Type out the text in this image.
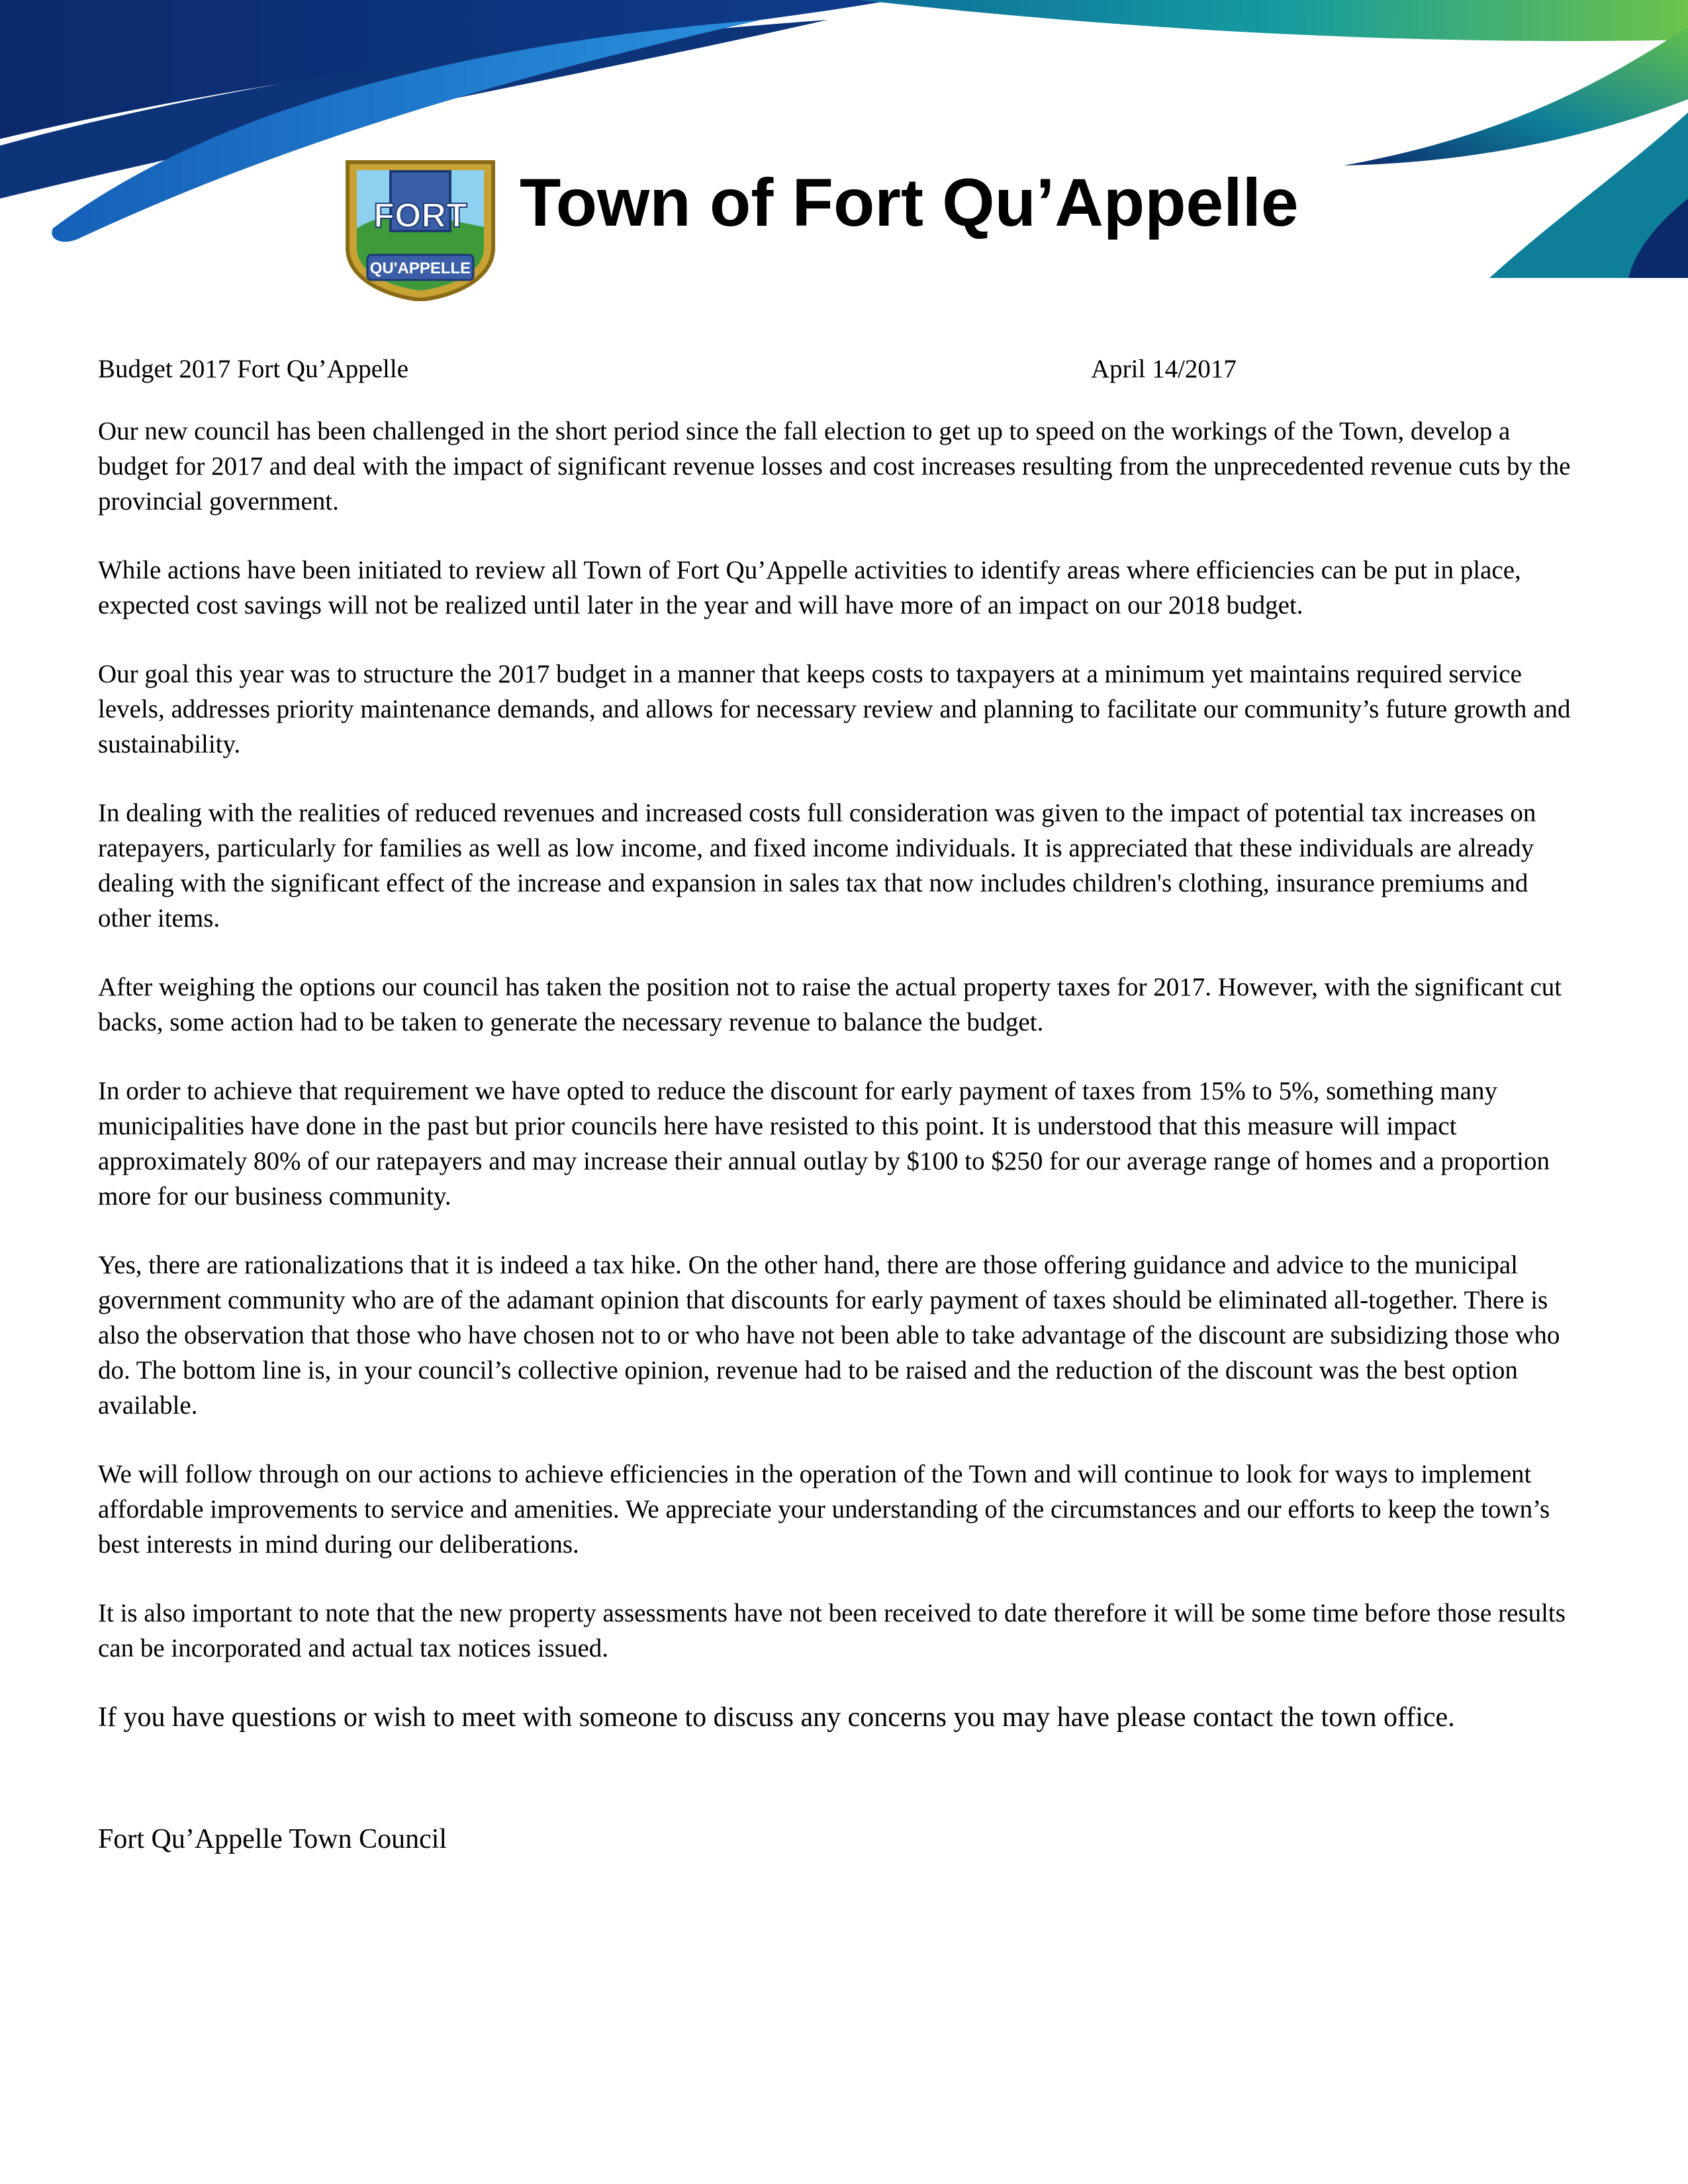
FORT
QU'APPELLE
Town of Fort Qu’Appelle
Budget 2017 Fort Qu’Appelle	April 14/2017

Our new council has been challenged in the short period since the fall election to get up to speed on the workings of the Town, develop a budget for 2017 and deal with the impact of significant revenue losses and cost increases resulting from the unprecedented revenue cuts by the provincial government.

While actions have been initiated to review all Town of Fort Qu’Appelle activities to identify areas where efficiencies can be put in place, expected cost savings will not be realized until later in the year and will have more of an impact on our 2018 budget.

Our goal this year was to structure the 2017 budget in a manner that keeps costs to taxpayers at a minimum yet maintains required service levels, addresses priority maintenance demands, and allows for necessary review and planning to facilitate our community’s future growth and sustainability.

In dealing with the realities of reduced revenues and increased costs full consideration was given to the impact of potential tax increases on ratepayers, particularly for families as well as low income, and fixed income individuals. It is appreciated that these individuals are already dealing with the significant effect of the increase and expansion in sales tax that now includes children's clothing, insurance premiums and other items.

After weighing the options our council has taken the position not to raise the actual property taxes for 2017. However, with the significant cut backs, some action had to be taken to generate the necessary revenue to balance the budget.

In order to achieve that requirement we have opted to reduce the discount for early payment of taxes from 15% to 5%, something many municipalities have done in the past but prior councils here have resisted to this point. It is understood that this measure will impact approximately 80% of our ratepayers and may increase their annual outlay by $100 to $250 for our average range of homes and a proportion more for our business community.

Yes, there are rationalizations that it is indeed a tax hike. On the other hand, there are those offering guidance and advice to the municipal government community who are of the adamant opinion that discounts for early payment of taxes should be eliminated all-together. There is also the observation that those who have chosen not to or who have not been able to take advantage of the discount are subsidizing those who do. The bottom line is, in your council’s collective opinion, revenue had to be raised and the reduction of the discount was the best option available.

We will follow through on our actions to achieve efficiencies in the operation of the Town and will continue to look for ways to implement affordable improvements to service and amenities. We appreciate your understanding of the circumstances and our efforts to keep the town’s best interests in mind during our deliberations.

It is also important to note that the new property assessments have not been received to date therefore it will be some time before those results can be incorporated and actual tax notices issued.

If you have questions or wish to meet with someone to discuss any concerns you may have please contact the town office.

Fort Qu’Appelle Town Council
